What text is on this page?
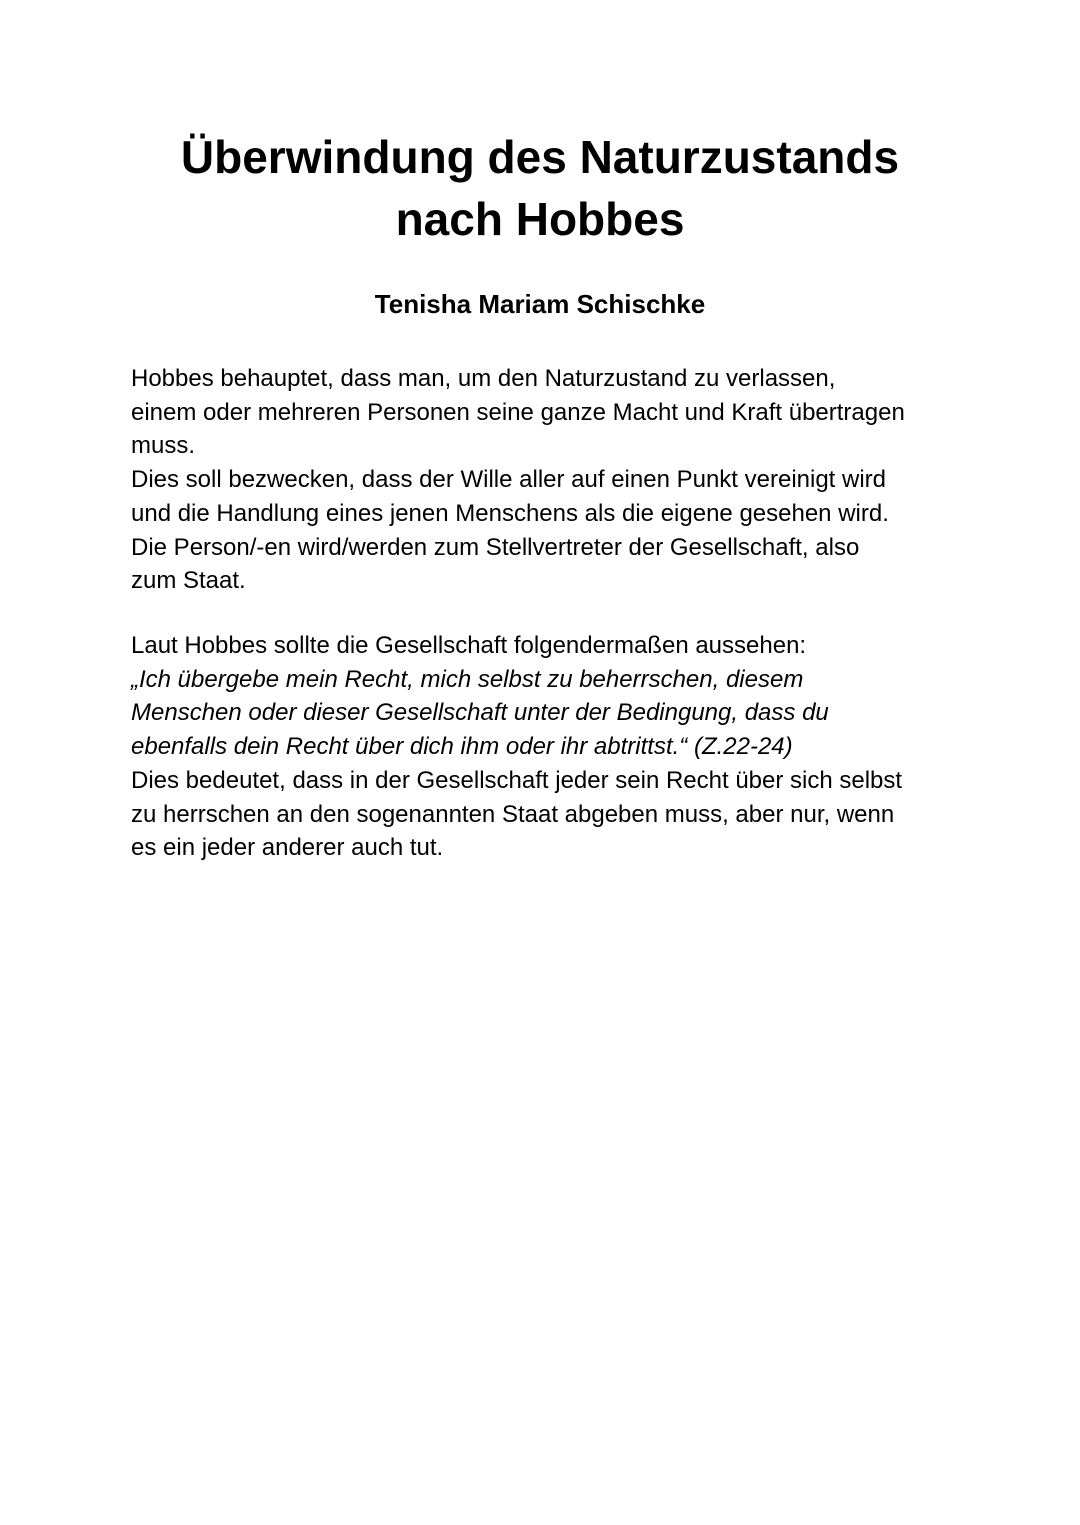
Überwindung des Naturzustands
nach Hobbes

Tenisha Mariam Schischke

Hobbes behauptet, dass man, um den Naturzustand zu verlassen,
einem oder mehreren Personen seine ganze Macht und Kraft übertragen
muss.
Dies soll bezwecken, dass der Wille aller auf einen Punkt vereinigt wird
und die Handlung eines jenen Menschens als die eigene gesehen wird.
Die Person/-en wird/werden zum Stellvertreter der Gesellschaft, also
zum Staat.
Laut Hobbes sollte die Gesellschaft folgendermaßen aussehen:
„Ich übergebe mein Recht, mich selbst zu beherrschen, diesem
Menschen oder dieser Gesellschaft unter der Bedingung, dass du
ebenfalls dein Recht über dich ihm oder ihr abtrittst.“ (Z.22-24)
Dies bedeutet, dass in der Gesellschaft jeder sein Recht über sich selbst
zu herrschen an den sogenannten Staat abgeben muss, aber nur, wenn
es ein jeder anderer auch tut.
